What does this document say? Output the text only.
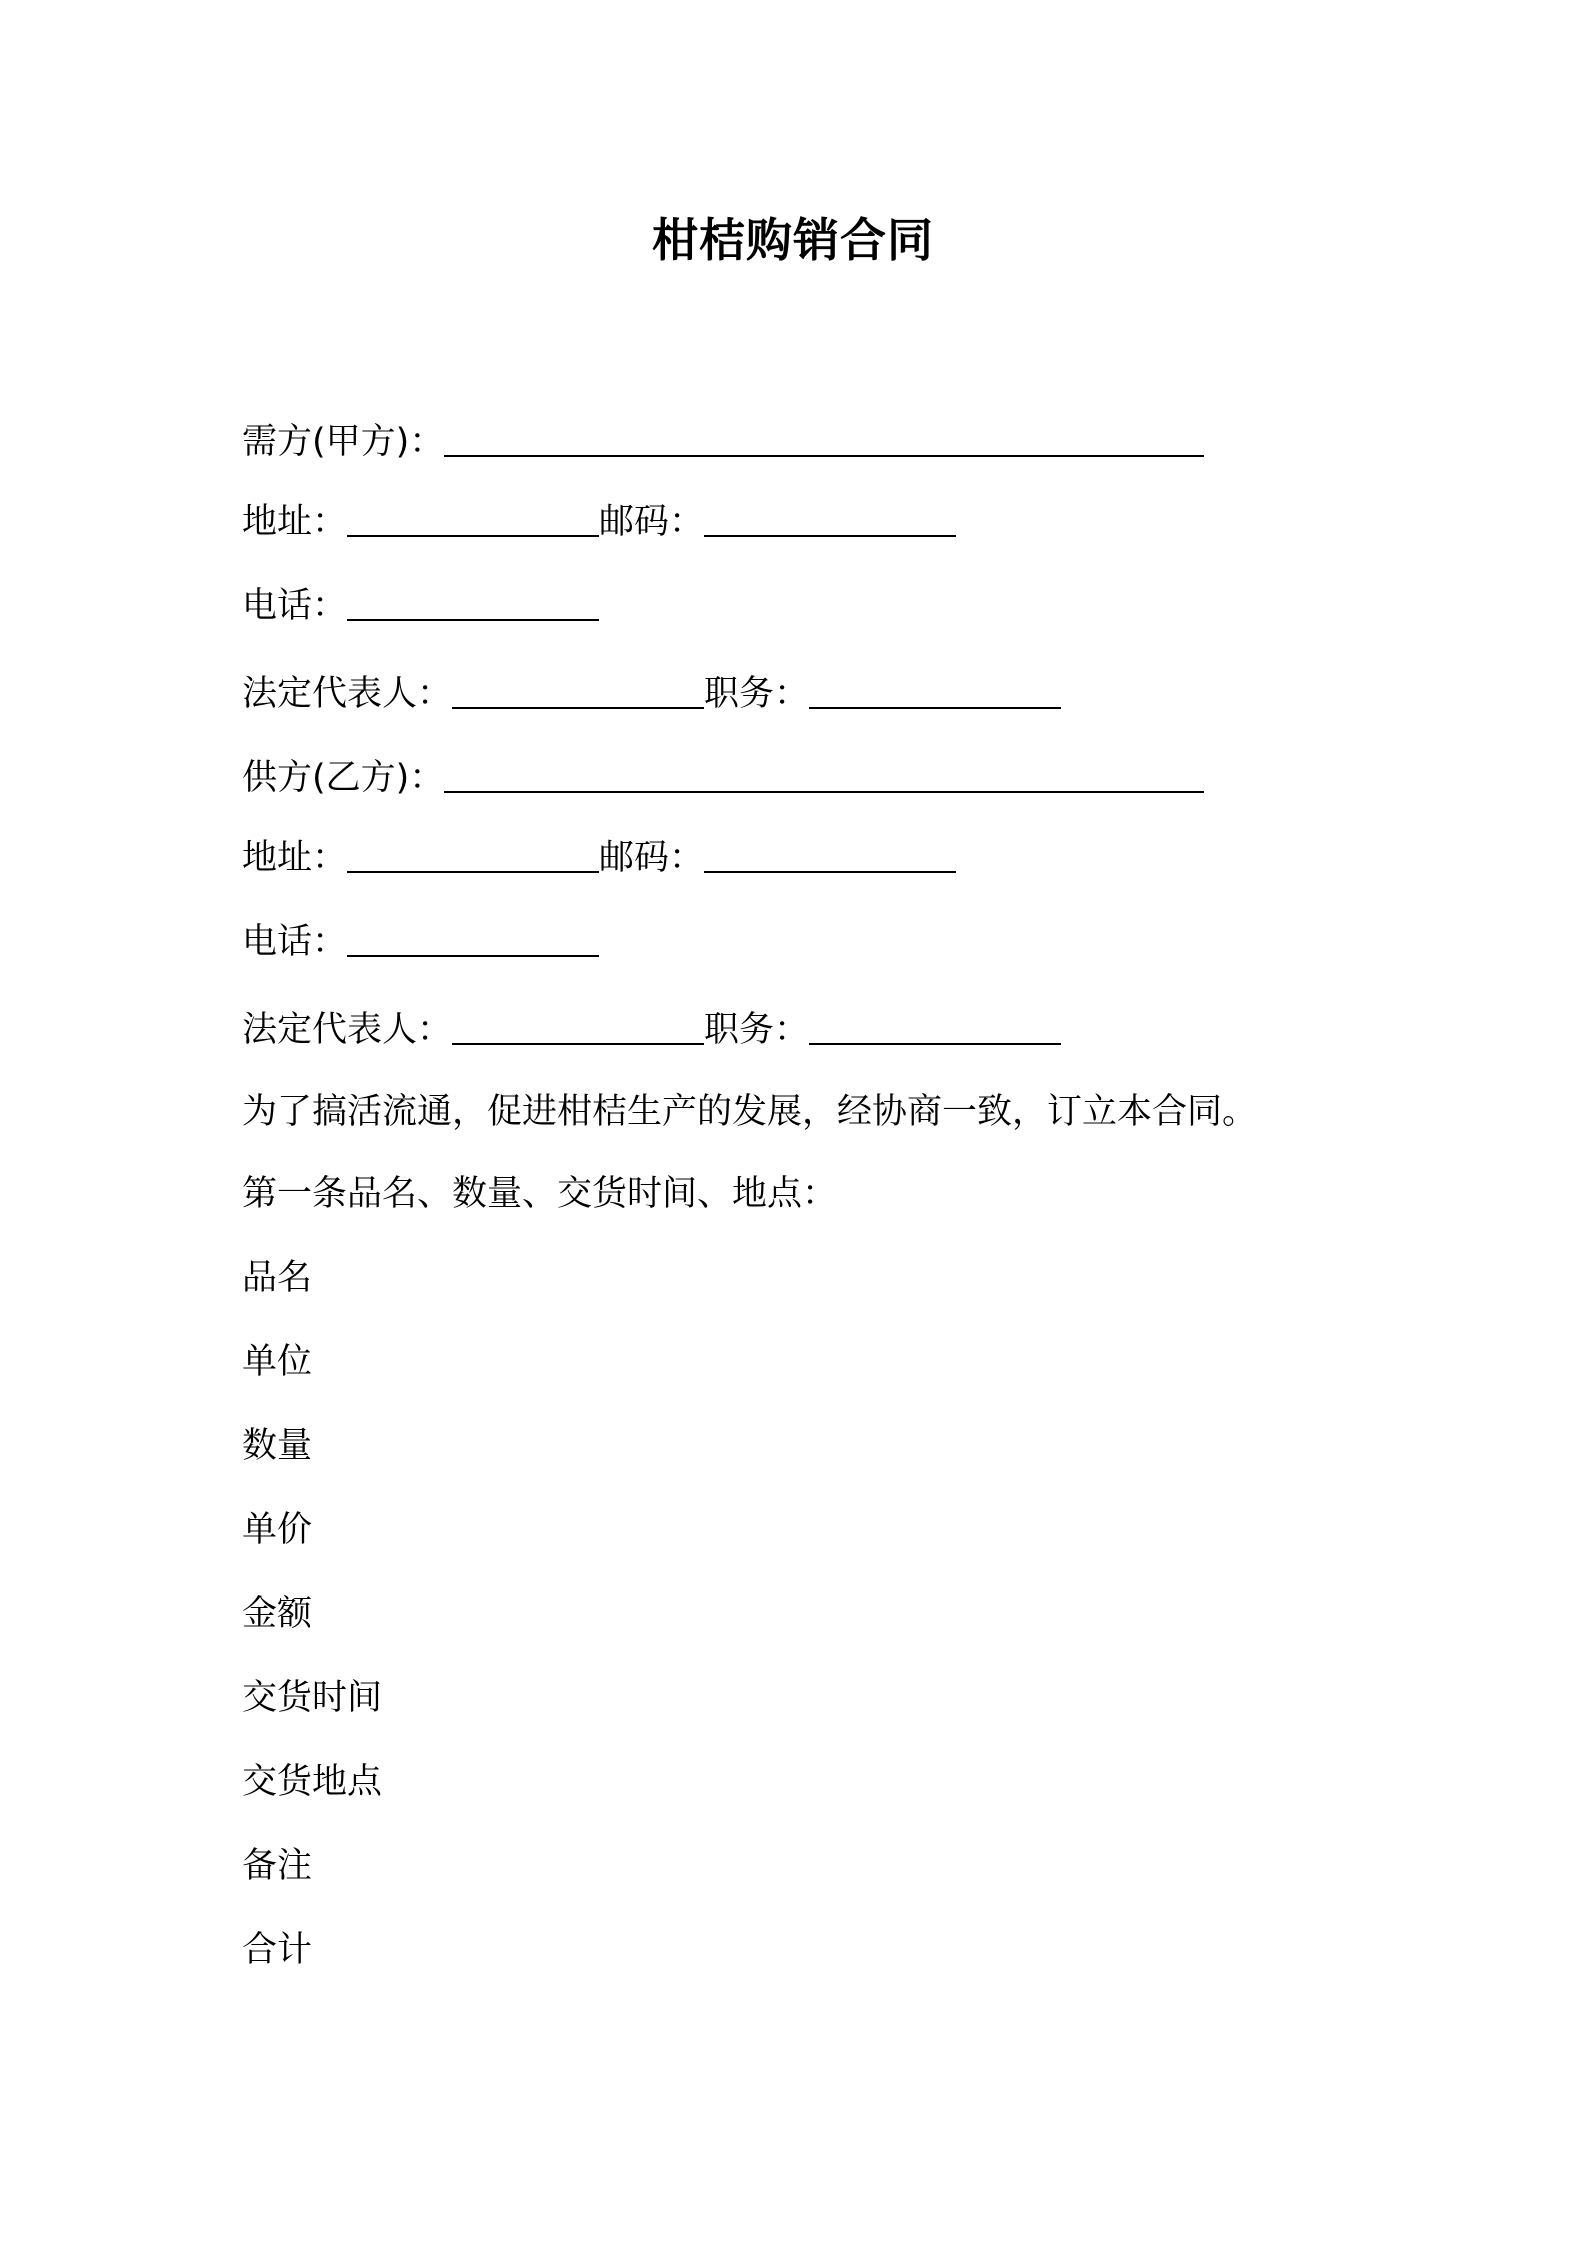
柑桔购销合同
需方(甲方)：
地址：	邮码：
电话：
法定代表人：	职务：
供方(乙方)：
地址：	邮码：
电话：
法定代表人：	职务：
为了搞活流通，促进柑桔生产的发展，经协商一致，订立本合同。
第一条品名、数量、交货时间、地点：
品名
单位
数量
单价
金额
交货时间
交货地点
备注
合计
